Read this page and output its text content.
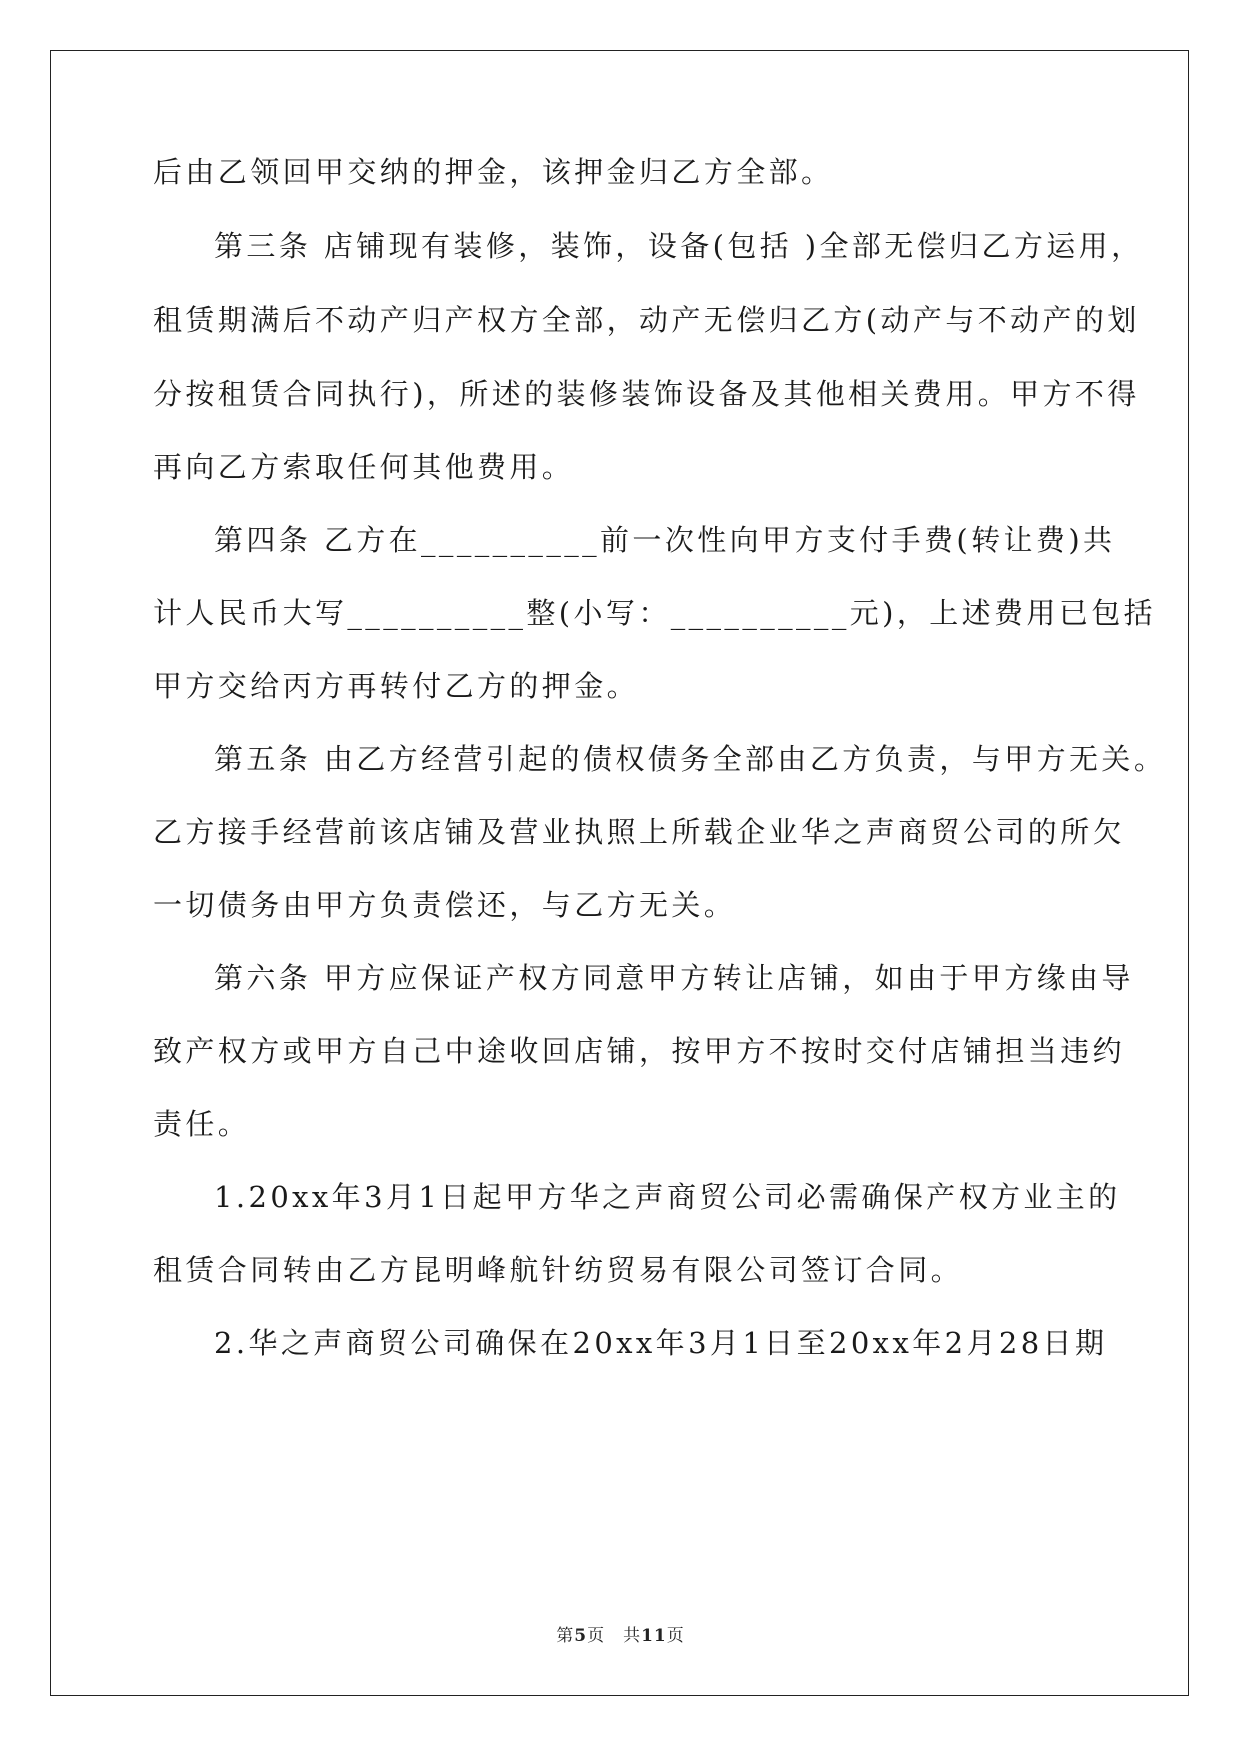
后由乙领回甲交纳的押金，该押金归乙方全部。

第三条 店铺现有装修，装饰，设备(包括 )全部无偿归乙方运用，

租赁期满后不动产归产权方全部，动产无偿归乙方(动产与不动产的划

分按租赁合同执行)，所述的装修装饰设备及其他相关费用。甲方不得

再向乙方索取任何其他费用。

第四条 乙方在__________前一次性向甲方支付手费(转让费)共

计人民币大写__________整(小写：__________元)，上述费用已包括

甲方交给丙方再转付乙方的押金。

第五条 由乙方经营引起的债权债务全部由乙方负责，与甲方无关。

乙方接手经营前该店铺及营业执照上所载企业华之声商贸公司的所欠

一切债务由甲方负责偿还，与乙方无关。

第六条 甲方应保证产权方同意甲方转让店铺，如由于甲方缘由导

致产权方或甲方自己中途收回店铺，按甲方不按时交付店铺担当违约

责任。

1.20xx年3月1日起甲方华之声商贸公司必需确保产权方业主的

租赁合同转由乙方昆明峰航针纺贸易有限公司签订合同。

2.华之声商贸公司确保在20xx年3月1日至20xx年2月28日期

第5页　共11页
